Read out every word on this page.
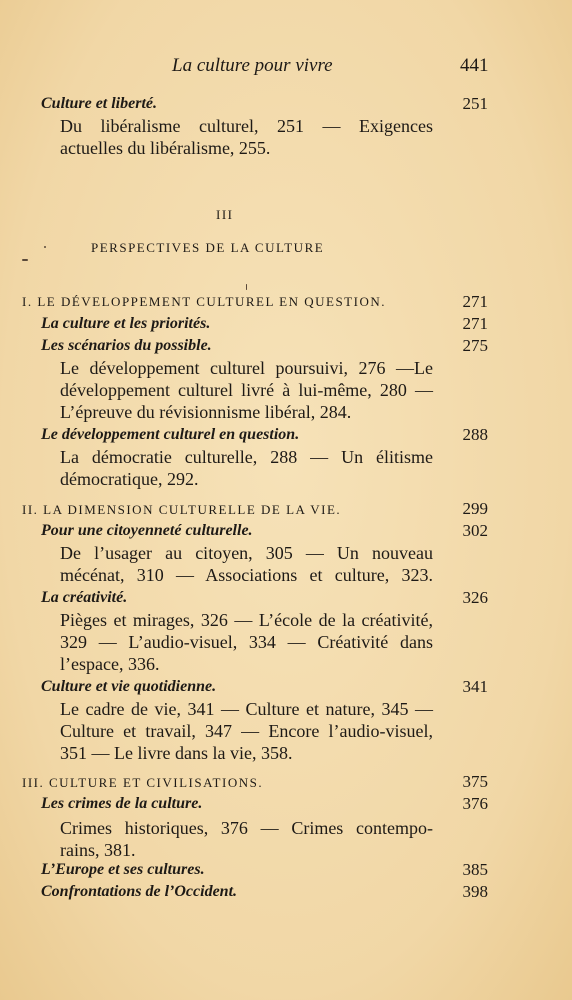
La culture pour vivre	441
Culture et liberté.	251
Du libéralisme culturel, 251 — Exigences
actuelles du libéralisme, 255.
III
PERSPECTIVES DE LA CULTURE
I. LE DÉVELOPPEMENT CULTUREL EN QUESTION.	271
La culture et les priorités.	271
Les scénarios du possible.	275
Le développement culturel poursuivi, 276 —Le
développement culturel livré à lui-même, 280 —
L’épreuve du révisionnisme libéral, 284.
Le développement culturel en question.	288
La démocratie culturelle, 288 — Un élitisme
démocratique, 292.
II. LA DIMENSION CULTURELLE DE LA VIE.	299
Pour une citoyenneté culturelle.	302
De l’usager au citoyen, 305 — Un nouveau
mécénat, 310 — Associations et culture, 323.
La créativité.	326
Pièges et mirages, 326 — L’école de la créativité,
329 — L’audio-visuel, 334 — Créativité dans
l’espace, 336.
Culture et vie quotidienne.	341
Le cadre de vie, 341 — Culture et nature, 345 —
Culture et travail, 347 — Encore l’audio-visuel,
351 — Le livre dans la vie, 358.
III. CULTURE ET CIVILISATIONS.	375
Les crimes de la culture.	376
Crimes historiques, 376 — Crimes contempo-
rains, 381.
L’Europe et ses cultures.	385
Confrontations de l’Occident.	398
